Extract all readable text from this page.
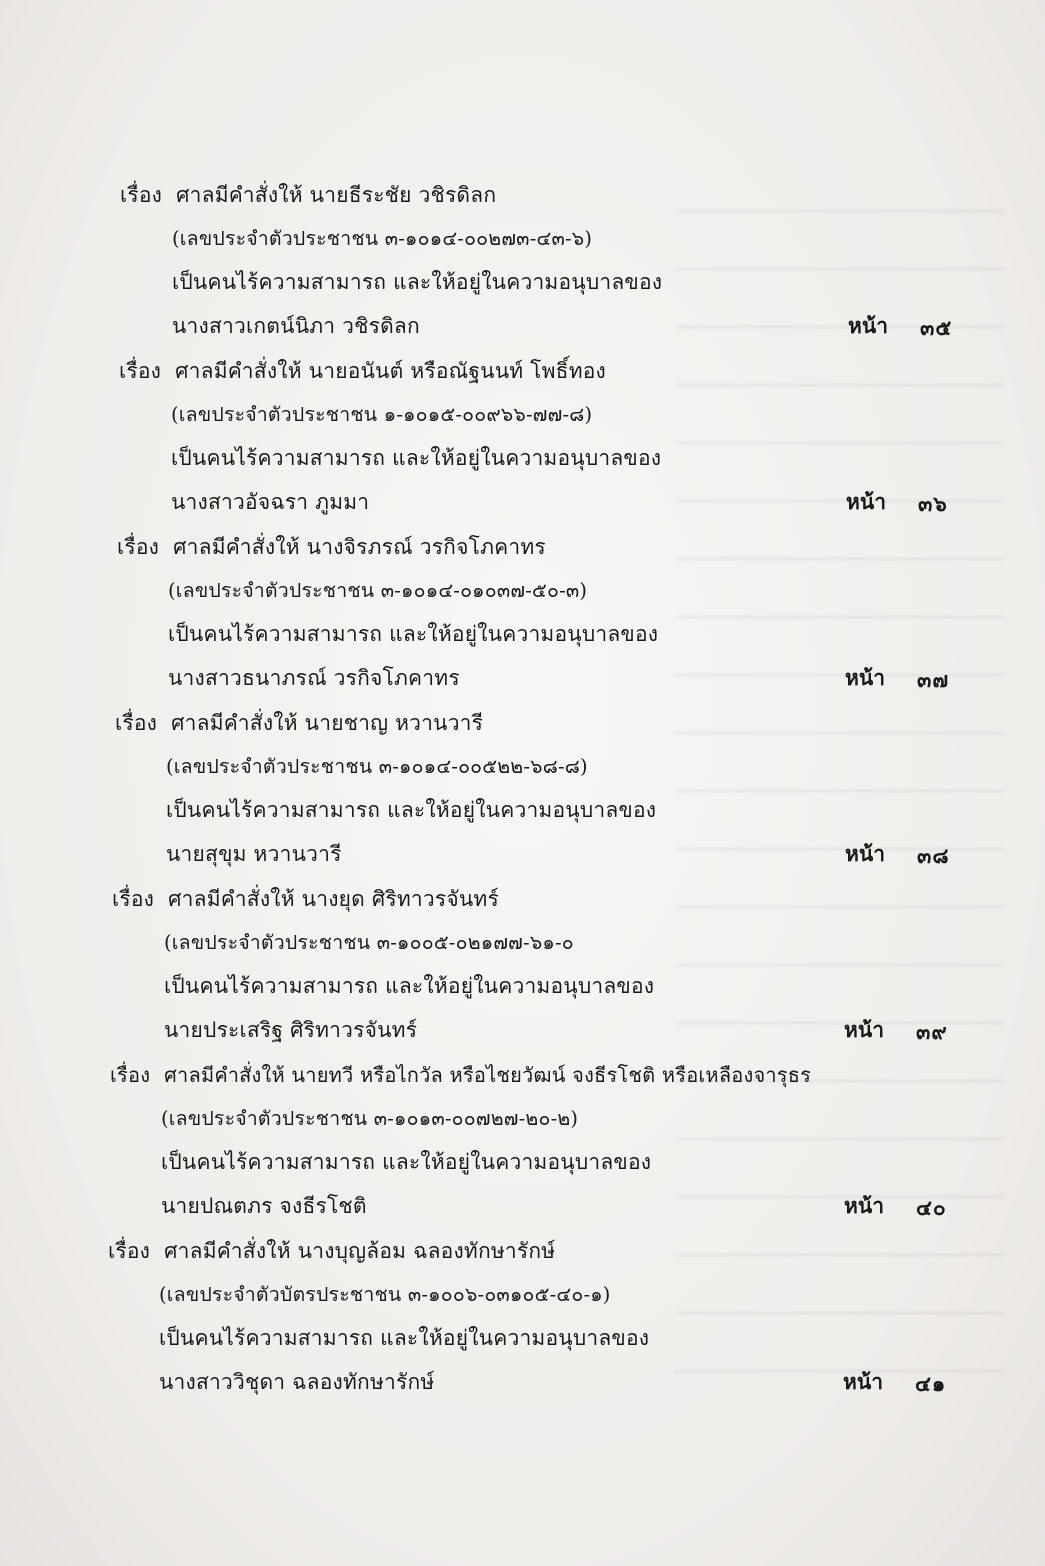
เรื่อง ศาลมีคำสั่งให้ นายธีระชัย วชิรดิลก
(เลขประจำตัวประชาชน ๓-๑๐๑๔-๐๐๒๗๓-๔๓-๖)
เป็นคนไร้ความสามารถ และให้อยู่ในความอนุบาลของ
นางสาวเกตน์นิภา วชิรดิลก	หน้า ๓๕
เรื่อง ศาลมีคำสั่งให้ นายอนันต์ หรือณัฐนนท์ โพธิ์ทอง
(เลขประจำตัวประชาชน ๑-๑๐๑๕-๐๐๙๖๖-๗๗-๘)
เป็นคนไร้ความสามารถ และให้อยู่ในความอนุบาลของ
นางสาวอัจฉรา ภูมมา	หน้า ๓๖
เรื่อง ศาลมีคำสั่งให้ นางจิรภรณ์ วรกิจโภคาทร
(เลขประจำตัวประชาชน ๓-๑๐๑๔-๐๑๐๓๗-๕๐-๓)
เป็นคนไร้ความสามารถ และให้อยู่ในความอนุบาลของ
นางสาวธนาภรณ์ วรกิจโภคาทร	หน้า ๓๗
เรื่อง ศาลมีคำสั่งให้ นายชาญ หวานวารี
(เลขประจำตัวประชาชน ๓-๑๐๑๔-๐๐๕๒๒-๖๘-๘)
เป็นคนไร้ความสามารถ และให้อยู่ในความอนุบาลของ
นายสุขุม หวานวารี	หน้า ๓๘
เรื่อง ศาลมีคำสั่งให้ นางยุด ศิริทาวรจันทร์
(เลขประจำตัวประชาชน ๓-๑๐๐๕-๐๒๑๗๗-๖๑-๐
เป็นคนไร้ความสามารถ และให้อยู่ในความอนุบาลของ
นายประเสริฐ ศิริทาวรจันทร์	หน้า ๓๙
เรื่อง ศาลมีคำสั่งให้ นายทวี หรือไกวัล หรือไชยวัฒน์ จงธีรโชติ หรือเหลืองจารุธร
(เลขประจำตัวประชาชน ๓-๑๐๑๓-๐๐๗๒๗-๒๐-๒)
เป็นคนไร้ความสามารถ และให้อยู่ในความอนุบาลของ
นายปณตภร จงธีรโชติ	หน้า ๔๐
เรื่อง ศาลมีคำสั่งให้ นางบุญล้อม ฉลองทักษารักษ์
(เลขประจำตัวบัตรประชาชน ๓-๑๐๐๖-๐๓๑๐๕-๔๐-๑)
เป็นคนไร้ความสามารถ และให้อยู่ในความอนุบาลของ
นางสาววิชุดา ฉลองทักษารักษ์	หน้า ๔๑
